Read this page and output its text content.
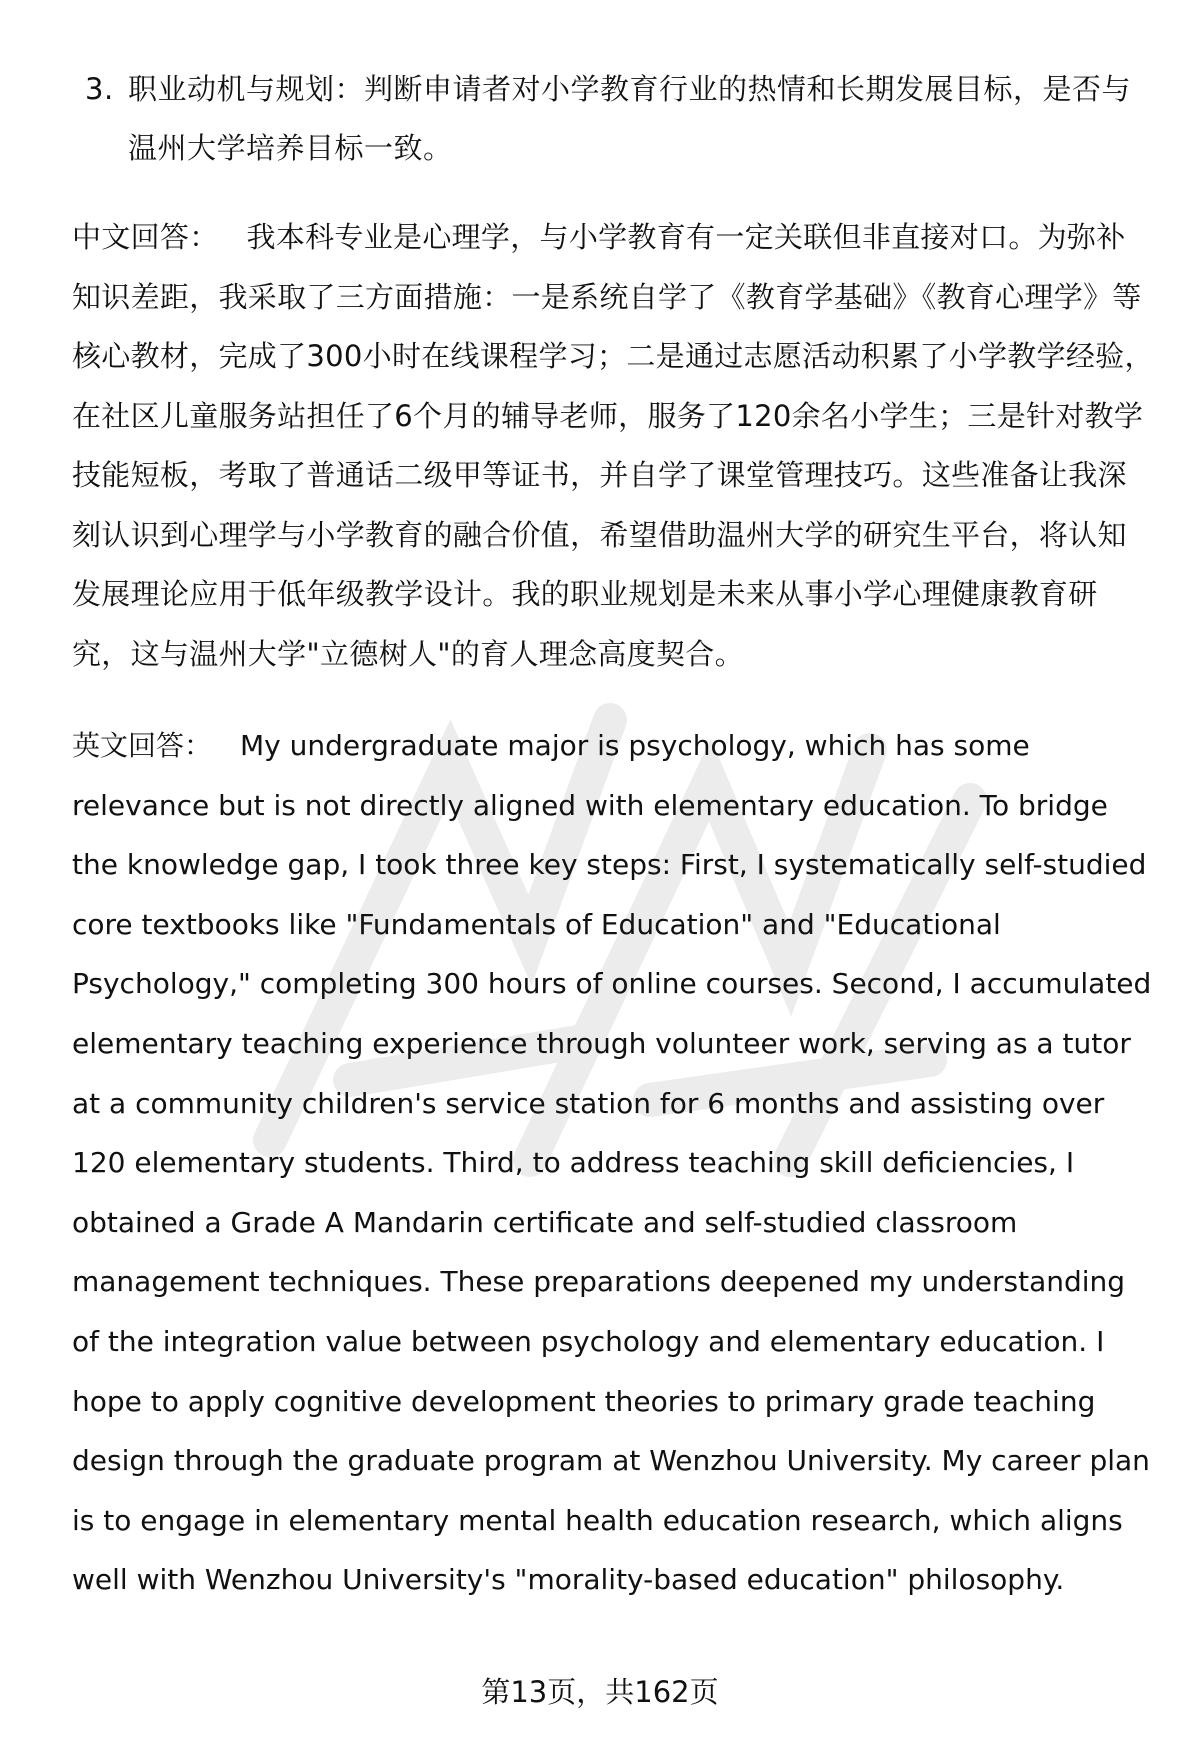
3. 职业动机与规划：判断申请者对小学教育行业的热情和长期发展目标，是否与温州大学培养目标一致。
中文回答： 我本科专业是心理学，与小学教育有一定关联但非直接对口。为弥补知识差距，我采取了三方面措施：一是系统自学了《教育学基础》《教育心理学》等核心教材，完成了300小时在线课程学习；二是通过志愿活动积累了小学教学经验，在社区儿童服务站担任了6个月的辅导老师，服务了120余名小学生；三是针对教学技能短板，考取了普通话二级甲等证书，并自学了课堂管理技巧。这些准备让我深刻认识到心理学与小学教育的融合价值，希望借助温州大学的研究生平台，将认知发展理论应用于低年级教学设计。我的职业规划是未来从事小学心理健康教育研究，这与温州大学"立德树人"的育人理念高度契合。
英文回答： My undergraduate major is psychology, which has some relevance but is not directly aligned with elementary education. To bridge the knowledge gap, I took three key steps: First, I systematically self-studied core textbooks like "Fundamentals of Education" and "Educational Psychology," completing 300 hours of online courses. Second, I accumulated elementary teaching experience through volunteer work, serving as a tutor at a community children's service station for 6 months and assisting over 120 elementary students. Third, to address teaching skill deficiencies, I obtained a Grade A Mandarin certificate and self-studied classroom management techniques. These preparations deepened my understanding of the integration value between psychology and elementary education. I hope to apply cognitive development theories to primary grade teaching design through the graduate program at Wenzhou University. My career plan is to engage in elementary mental health education research, which aligns well with Wenzhou University's "morality-based education" philosophy.
第13页，共162页
